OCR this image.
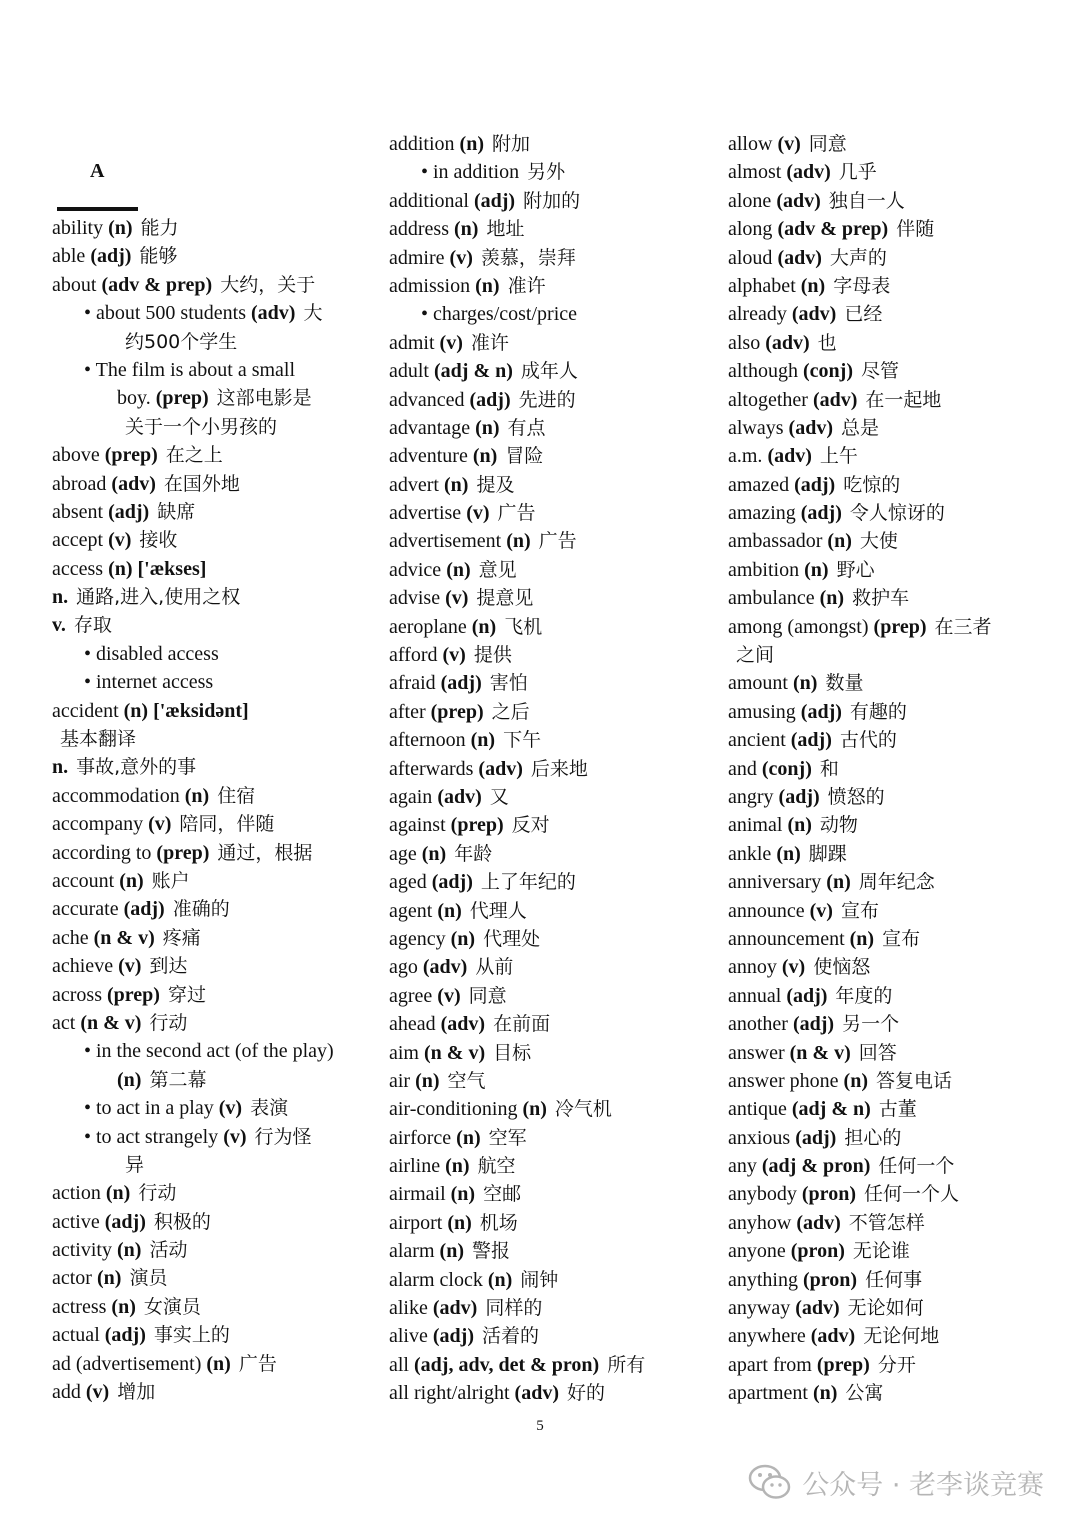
A
ability (n) 能力
able (adj) 能够
about (adv & prep) 大约，关于
• about 500 students (adv) 大
约500个学生
• The film is about a small
boy. (prep) 这部电影是
关于一个小男孩的
above (prep) 在之上
abroad (adv) 在国外地
absent (adj) 缺席
accept (v) 接收
access (n) ['ækses]
n. 通路,进入,使用之权
v. 存取
• disabled access
• internet access
accident (n) ['æksidənt]
基本翻译
n. 事故,意外的事
accommodation (n) 住宿
accompany (v) 陪同，伴随
according to (prep) 通过，根据
account (n) 账户
accurate (adj) 准确的
ache (n & v) 疼痛
achieve (v) 到达
across (prep) 穿过
act (n & v) 行动
• in the second act (of the play)
(n) 第二幕
• to act in a play (v) 表演
• to act strangely (v) 行为怪
异
action (n) 行动
active (adj) 积极的
activity (n) 活动
actor (n) 演员
actress (n) 女演员
actual (adj) 事实上的
ad (advertisement) (n) 广告
add (v) 增加
addition (n) 附加
• in addition 另外
additional (adj) 附加的
address (n) 地址
admire (v) 羡慕，崇拜
admission (n) 准许
• charges/cost/price
admit (v) 准许
adult (adj & n) 成年人
advanced (adj) 先进的
advantage (n) 有点
adventure (n) 冒险
advert (n) 提及
advertise (v) 广告
advertisement (n) 广告
advice (n) 意见
advise (v) 提意见
aeroplane (n) 飞机
afford (v) 提供
afraid (adj) 害怕
after (prep) 之后
afternoon (n) 下午
afterwards (adv) 后来地
again (adv) 又
against (prep) 反对
age (n) 年龄
aged (adj) 上了年纪的
agent (n) 代理人
agency (n) 代理处
ago (adv) 从前
agree (v) 同意
ahead (adv) 在前面
aim (n & v) 目标
air (n) 空气
air-conditioning (n) 冷气机
airforce (n) 空军
airline (n) 航空
airmail (n) 空邮
airport (n) 机场
alarm (n) 警报
alarm clock (n) 闹钟
alike (adv) 同样的
alive (adj) 活着的
all (adj, adv, det & pron) 所有
all right/alright (adv) 好的
allow (v) 同意
almost (adv) 几乎
alone (adv) 独自一人
along (adv & prep) 伴随
aloud (adv) 大声的
alphabet (n) 字母表
already (adv) 已经
also (adv) 也
although (conj) 尽管
altogether (adv) 在一起地
always (adv) 总是
a.m. (adv) 上午
amazed (adj) 吃惊的
amazing (adj) 令人惊讶的
ambassador (n) 大使
ambition (n) 野心
ambulance (n) 救护车
among (amongst) (prep) 在三者
之间
amount (n) 数量
amusing (adj) 有趣的
ancient (adj) 古代的
and (conj) 和
angry (adj) 愤怒的
animal (n) 动物
ankle (n) 脚踝
anniversary (n) 周年纪念
announce (v) 宣布
announcement (n) 宣布
annoy (v) 使恼怒
annual (adj) 年度的
another (adj) 另一个
answer (n & v) 回答
answer phone (n) 答复电话
antique (adj & n) 古董
anxious (adj) 担心的
any (adj & pron) 任何一个
anybody (pron) 任何一个人
anyhow (adv) 不管怎样
anyone (pron) 无论谁
anything (pron) 任何事
anyway (adv) 无论如何
anywhere (adv) 无论何地
apart from (prep) 分开
apartment (n) 公寓
5
公众号 · 老李谈竞赛
